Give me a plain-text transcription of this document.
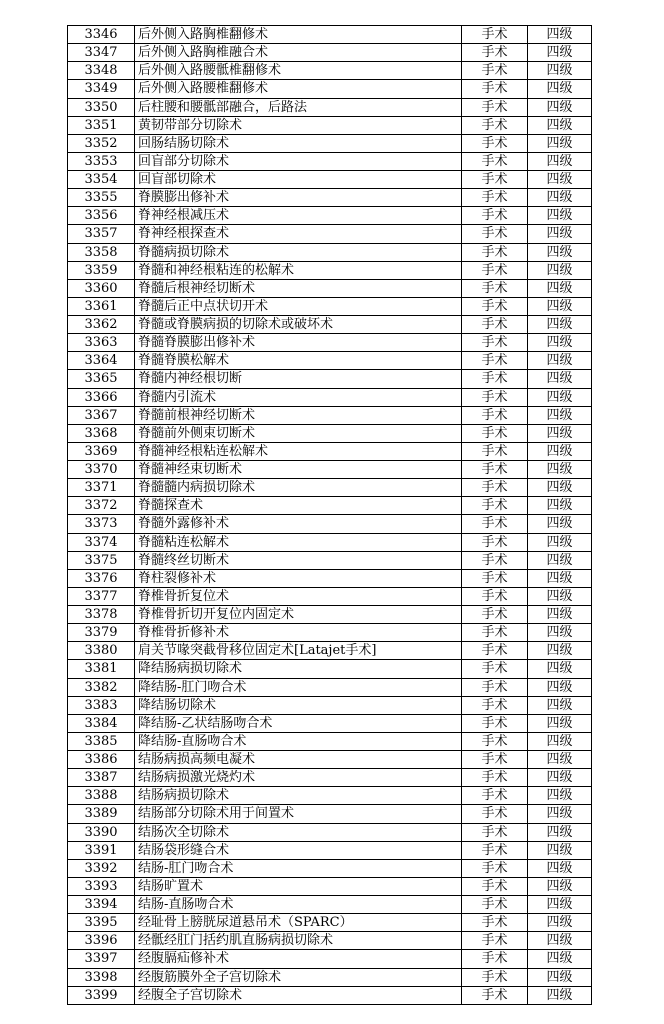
3346	后外侧入路胸椎翻修术	手术	四级
3347	后外侧入路胸椎融合术	手术	四级
3348	后外侧入路腰骶椎翻修术	手术	四级
3349	后外侧入路腰椎翻修术	手术	四级
3350	后柱腰和腰骶部融合，后路法	手术	四级
3351	黄韧带部分切除术	手术	四级
3352	回肠结肠切除术	手术	四级
3353	回盲部分切除术	手术	四级
3354	回盲部切除术	手术	四级
3355	脊膜膨出修补术	手术	四级
3356	脊神经根减压术	手术	四级
3357	脊神经根探查术	手术	四级
3358	脊髓病损切除术	手术	四级
3359	脊髓和神经根粘连的松解术	手术	四级
3360	脊髓后根神经切断术	手术	四级
3361	脊髓后正中点状切开术	手术	四级
3362	脊髓或脊膜病损的切除术或破坏术	手术	四级
3363	脊髓脊膜膨出修补术	手术	四级
3364	脊髓脊膜松解术	手术	四级
3365	脊髓内神经根切断	手术	四级
3366	脊髓内引流术	手术	四级
3367	脊髓前根神经切断术	手术	四级
3368	脊髓前外侧束切断术	手术	四级
3369	脊髓神经根粘连松解术	手术	四级
3370	脊髓神经束切断术	手术	四级
3371	脊髓髓内病损切除术	手术	四级
3372	脊髓探查术	手术	四级
3373	脊髓外露修补术	手术	四级
3374	脊髓粘连松解术	手术	四级
3375	脊髓终丝切断术	手术	四级
3376	脊柱裂修补术	手术	四级
3377	脊椎骨折复位术	手术	四级
3378	脊椎骨折切开复位内固定术	手术	四级
3379	脊椎骨折修补术	手术	四级
3380	肩关节喙突截骨移位固定术[Latajet手术]	手术	四级
3381	降结肠病损切除术	手术	四级
3382	降结肠-肛门吻合术	手术	四级
3383	降结肠切除术	手术	四级
3384	降结肠-乙状结肠吻合术	手术	四级
3385	降结肠-直肠吻合术	手术	四级
3386	结肠病损高频电凝术	手术	四级
3387	结肠病损激光烧灼术	手术	四级
3388	结肠病损切除术	手术	四级
3389	结肠部分切除术用于间置术	手术	四级
3390	结肠次全切除术	手术	四级
3391	结肠袋形缝合术	手术	四级
3392	结肠-肛门吻合术	手术	四级
3393	结肠旷置术	手术	四级
3394	结肠-直肠吻合术	手术	四级
3395	经耻骨上膀胱尿道悬吊术（SPARC）	手术	四级
3396	经骶经肛门括约肌直肠病损切除术	手术	四级
3397	经腹膈疝修补术	手术	四级
3398	经腹筋膜外全子宫切除术	手术	四级
3399	经腹全子宫切除术	手术	四级
